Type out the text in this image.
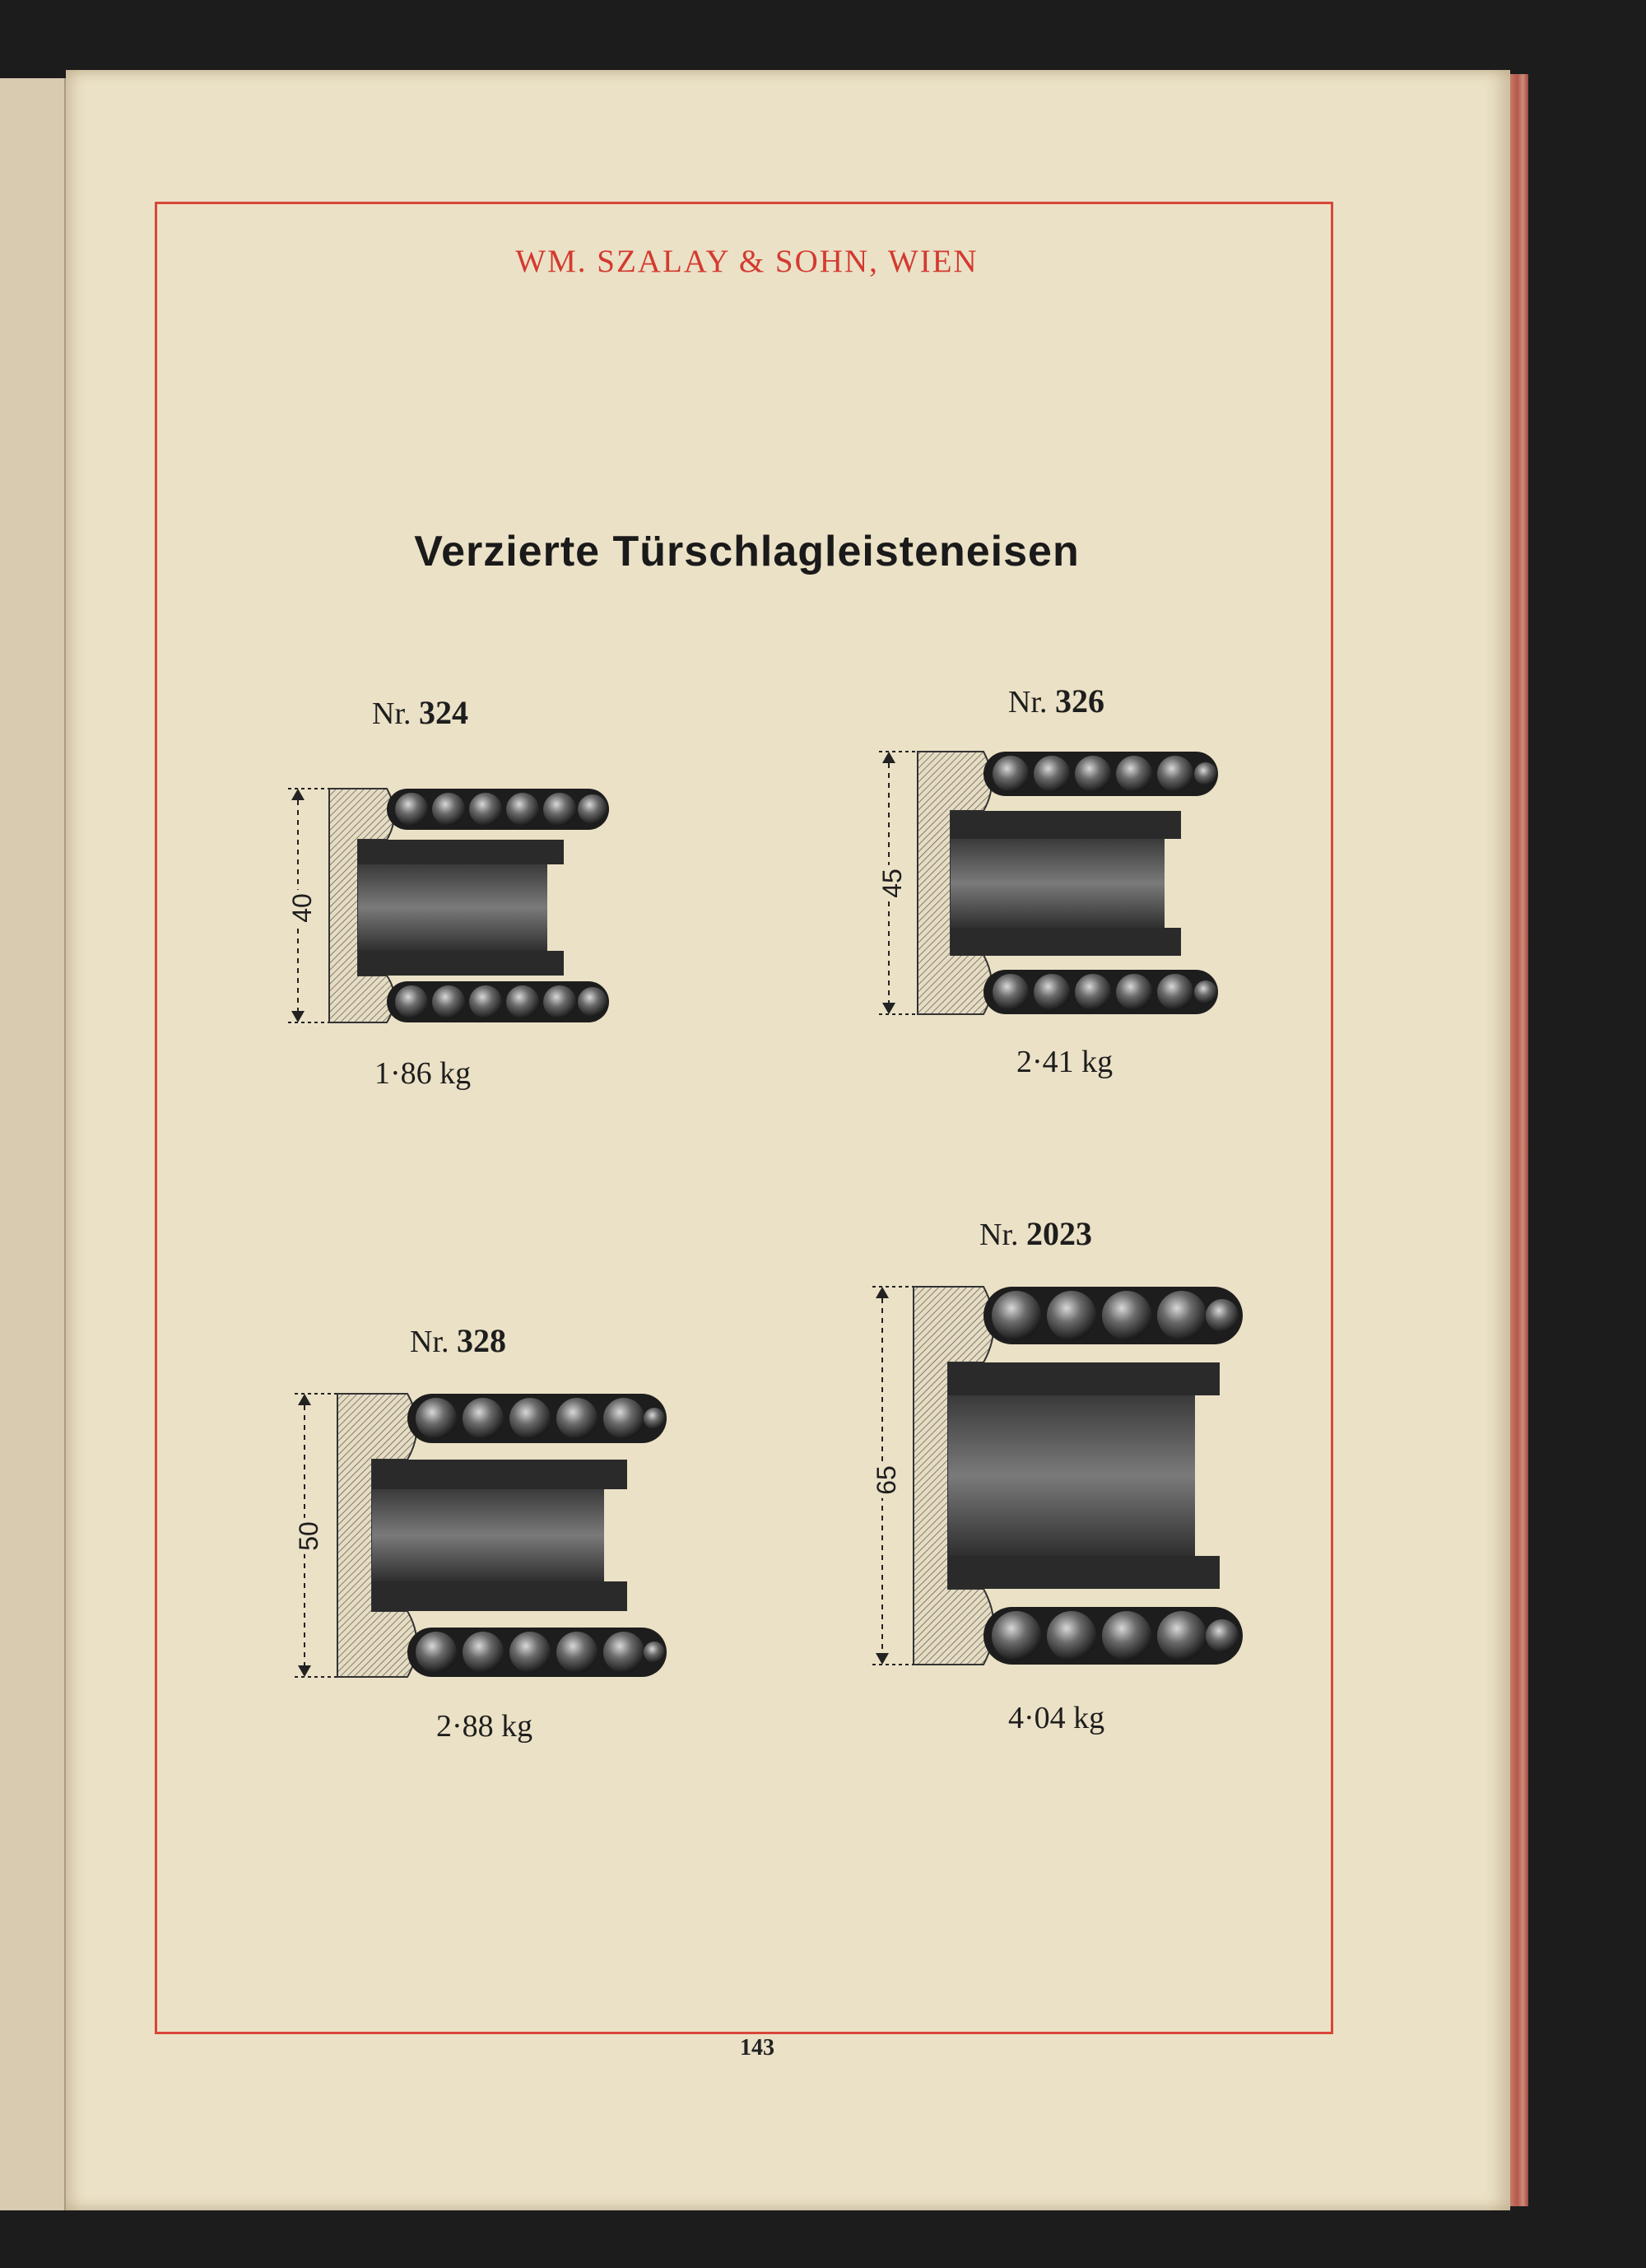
WM. SZALAY & SOHN, WIEN
Verzierte Türschlagleisteneisen
Nr. 324
40
1·86 kg
Nr. 326
45
2·41 kg
Nr. 328
50
2·88 kg
Nr. 2023
65
4·04 kg
143
